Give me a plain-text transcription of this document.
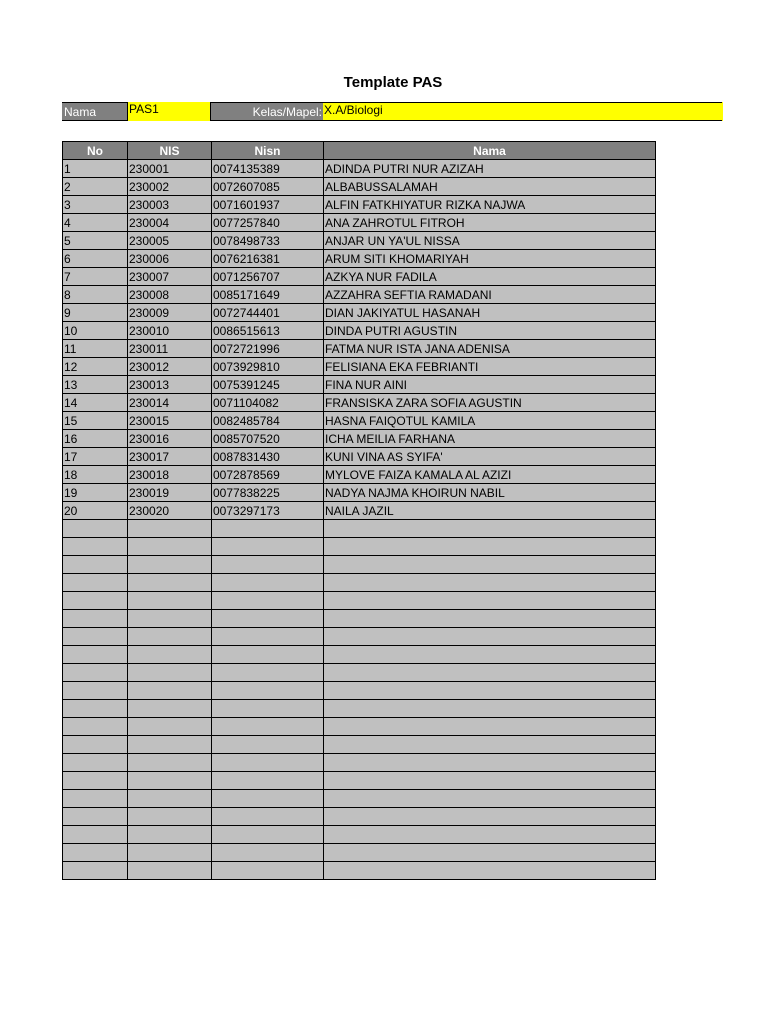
Template PAS
Nama	PAS1	Kelas/Mapel: X.A/Biologi
No	NIS	Nisn	Nama
1	230001	0074135389	ADINDA PUTRI NUR AZIZAH
2	230002	0072607085	ALBABUSSALAMAH
3	230003	0071601937	ALFIN FATKHIYATUR RIZKA NAJWA
4	230004	0077257840	ANA ZAHROTUL FITROH
5	230005	0078498733	ANJAR UN YA'UL NISSA
6	230006	0076216381	ARUM SITI KHOMARIYAH
7	230007	0071256707	AZKYA NUR FADILA
8	230008	0085171649	AZZAHRA SEFTIA RAMADANI
9	230009	0072744401	DIAN JAKIYATUL HASANAH
10	230010	0086515613	DINDA PUTRI AGUSTIN
11	230011	0072721996	FATMA NUR ISTA JANA ADENISA
12	230012	0073929810	FELISIANA EKA FEBRIANTI
13	230013	0075391245	FINA NUR AINI
14	230014	0071104082	FRANSISKA ZARA SOFIA AGUSTIN
15	230015	0082485784	HASNA FAIQOTUL KAMILA
16	230016	0085707520	ICHA MEILIA FARHANA
17	230017	0087831430	KUNI VINA AS SYIFA'
18	230018	0072878569	MYLOVE FAIZA KAMALA AL AZIZI
19	230019	0077838225	NADYA NAJMA KHOIRUN NABIL
20	230020	0073297173	NAILA JAZIL
